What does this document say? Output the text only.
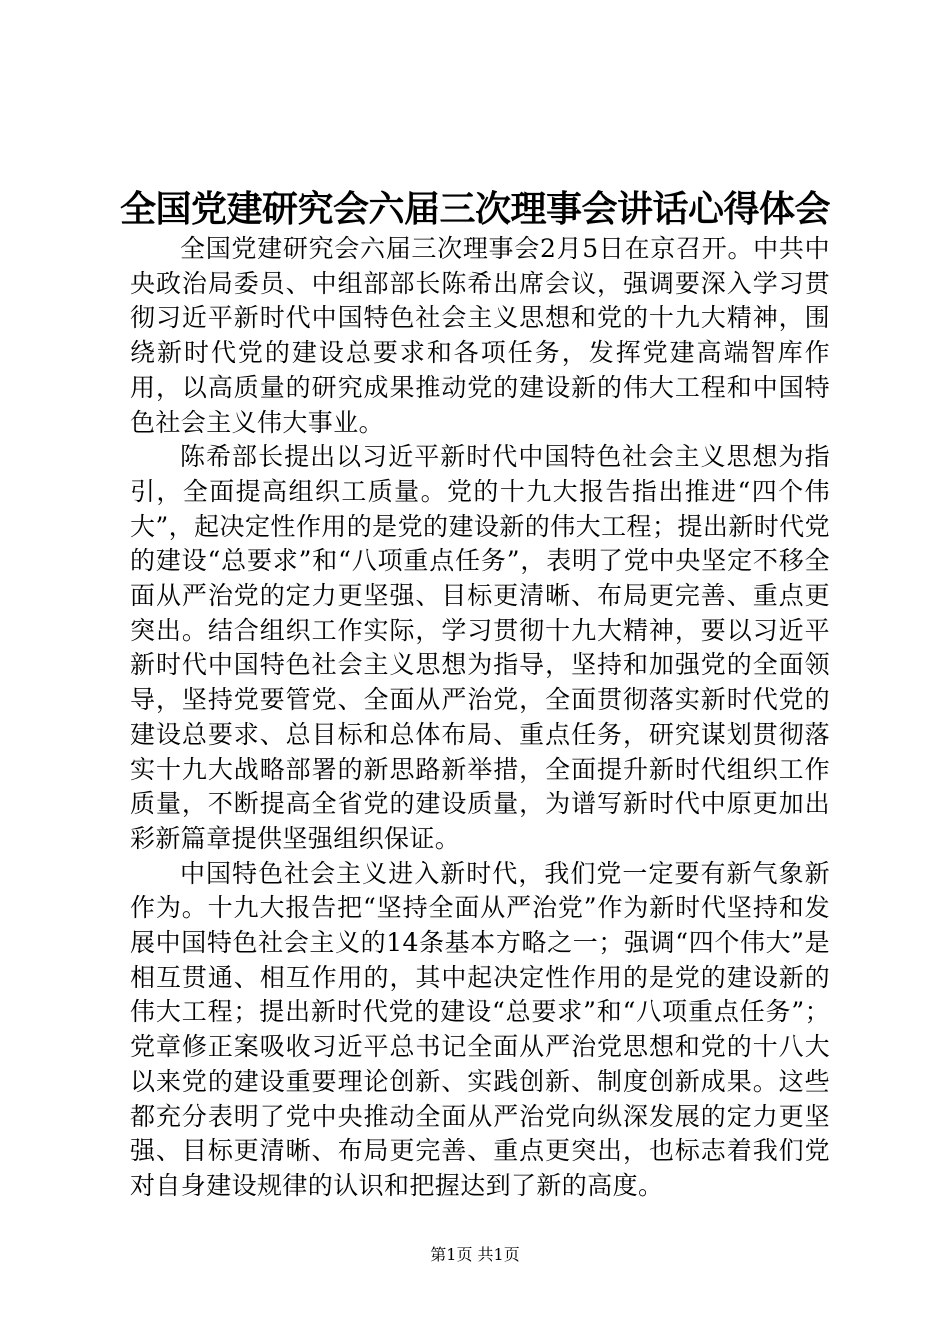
全国党建研究会六届三次理事会讲话心得体会

全国党建研究会六届三次理事会2月5日在京召开。中共中央政治局委员、中组部部长陈希出席会议，强调要深入学习贯彻习近平新时代中国特色社会主义思想和党的十九大精神，围绕新时代党的建设总要求和各项任务，发挥党建高端智库作用，以高质量的研究成果推动党的建设新的伟大工程和中国特色社会主义伟大事业。

陈希部长提出以习近平新时代中国特色社会主义思想为指引，全面提高组织工质量。党的十九大报告指出推进“四个伟大”，起决定性作用的是党的建设新的伟大工程；提出新时代党的建设“总要求”和“八项重点任务”，表明了党中央坚定不移全面从严治党的定力更坚强、目标更清晰、布局更完善、重点更突出。结合组织工作实际，学习贯彻十九大精神，要以习近平新时代中国特色社会主义思想为指导，坚持和加强党的全面领导，坚持党要管党、全面从严治党，全面贯彻落实新时代党的建设总要求、总目标和总体布局、重点任务，研究谋划贯彻落实十九大战略部署的新思路新举措，全面提升新时代组织工作质量，不断提高全省党的建设质量，为谱写新时代中原更加出彩新篇章提供坚强组织保证。

中国特色社会主义进入新时代，我们党一定要有新气象新作为。十九大报告把“坚持全面从严治党”作为新时代坚持和发展中国特色社会主义的14条基本方略之一；强调“四个伟大”是相互贯通、相互作用的，其中起决定性作用的是党的建设新的伟大工程；提出新时代党的建设“总要求”和“八项重点任务”；党章修正案吸收习近平总书记全面从严治党思想和党的十八大以来党的建设重要理论创新、实践创新、制度创新成果。这些都充分表明了党中央推动全面从严治党向纵深发展的定力更坚强、目标更清晰、布局更完善、重点更突出，也标志着我们党对自身建设规律的认识和把握达到了新的高度。

第1页 共1页
